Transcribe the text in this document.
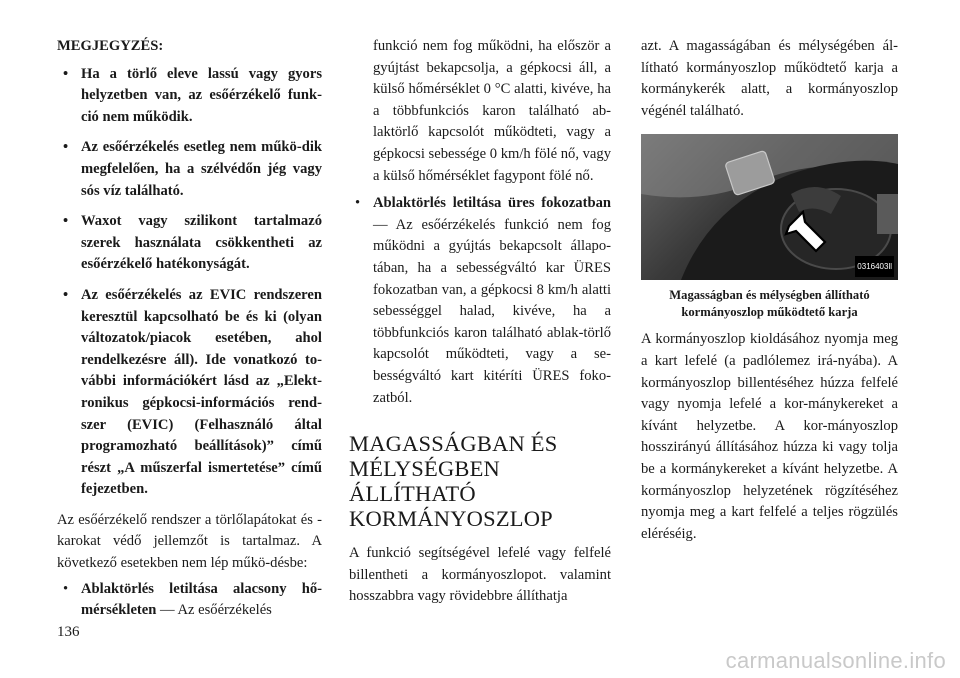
MEGJEGYZÉS:

• Ha a törlő eleve lassú vagy gyors helyzetben van, az esőérzékelő funk-ció nem működik.
• Az esőérzékelés esetleg nem műkö-dik megfelelően, ha a szélvédőn jég vagy sós víz található.
• Waxot vagy szilikont tartalmazó szerek használata csökkentheti az esőérzékelő hatékonyságát.
• Az esőérzékelés az EVIC rendszeren keresztül kapcsolható be és ki (olyan változatok/piacok esetében, ahol rendelkezésre áll). Ide vonatkozó to-vábbi információkért lásd az „Elekt-ronikus gépkocsi-információs rend-szer (EVIC) (Felhasználó által programozható beállítások)” című részt „A műszerfal ismertetése” című fejezetben.

Az esőérzékelő rendszer a törlőlapátokat és -karokat védő jellemzőt is tartalmaz. A következő esetekben nem lép műkö-désbe:

• Ablaktörlés letiltása alacsony hő-mérsékleten — Az esőérzékelés
funkció nem fog működni, ha először a gyújtást bekapcsolja, a gépkocsi áll, a külső hőmérséklet 0 °C alatti, kivéve, ha a többfunkciós karon található ab-laktörlő kapcsolót működteti, vagy a gépkocsi sebessége 0 km/h fölé nő, vagy a külső hőmérséklet fagypont fölé nő.
• Ablaktörlés letiltása üres fokozatban — Az esőérzékelés funkció nem fog működni a gyújtás bekapcsolt állapo-tában, ha a sebességváltó kar ÜRES fokozatban van, a gépkocsi 8 km/h alatti sebességgel halad, kivéve, ha a többfunkciós karon található ablak-törlő kapcsolót működteti, vagy a se-bességváltó kart kitéríti ÜRES foko-zatból.
MAGASSÁGBAN ÉS
MÉLYSÉGBEN
ÁLLÍTHATÓ
KORMÁNYOSZLOP

A funkció segítségével lefelé vagy felfelé billentheti a kormányoszlopot. valamint hosszabbra vagy rövidebbre állíthatja

azt. A magasságában és mélységében ál-lítható kormányoszlop működtető karja a kormánykerék alatt, a kormányoszlop végénél található.

0316403ll
Magasságban és mélységben állítható
kormányoszlop működtető karja

A kormányoszlop kioldásához nyomja meg a kart lefelé (a padlólemez irá-nyába). A kormányoszlop billentéséhez húzza felfelé vagy nyomja lefelé a kor-mánykereket a kívánt helyzetbe. A kor-mányoszlop hosszirányú állításához húzza ki vagy tolja be a kormánykereket a kívánt helyzetbe. A kormányoszlop helyzetének rögzítéséhez nyomja meg a kart felfelé a teljes rögzülés eléréséig.

136
carmanualsonline.info
